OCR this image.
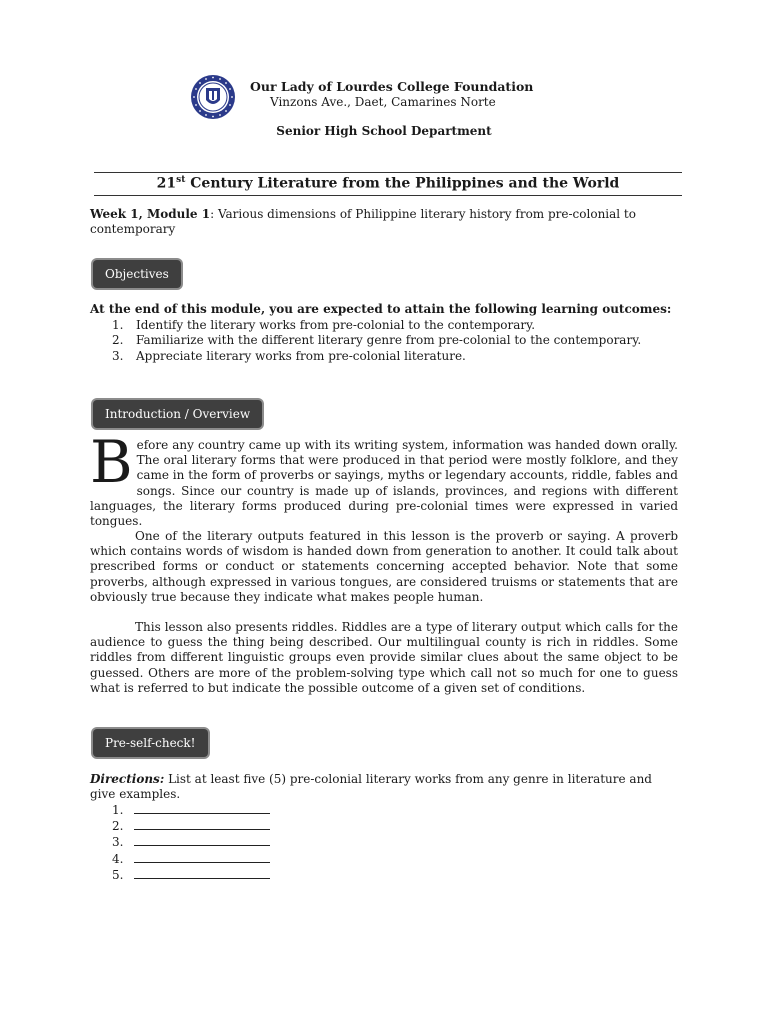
Our Lady of Lourdes College Foundation
Vinzons Ave., Daet, Camarines Norte
Senior High School Department
21st Century Literature from the Philippines and the World
Week 1, Module 1: Various dimensions of Philippine literary history from pre-colonial to contemporary
Objectives
At the end of this module, you are expected to attain the following learning outcomes:
1. Identify the literary works from pre-colonial to the contemporary.
2. Familiarize with the different literary genre from pre-colonial to the contemporary.
3. Appreciate literary works from pre-colonial literature.
Introduction / Overview
Before any country came up with its writing system, information was handed down orally. The oral literary forms that were produced in that period were mostly folklore, and they came in the form of proverbs or sayings, myths or legendary accounts, riddle, fables and songs. Since our country is made up of islands, provinces, and regions with different languages, the literary forms produced during pre-colonial times were expressed in varied tongues.
One of the literary outputs featured in this lesson is the proverb or saying. A proverb which contains words of wisdom is handed down from generation to another. It could talk about prescribed forms or conduct or statements concerning accepted behavior. Note that some proverbs, although expressed in various tongues, are considered truisms or statements that are obviously true because they indicate what makes people human.
This lesson also presents riddles. Riddles are a type of literary output which calls for the audience to guess the thing being described. Our multilingual county is rich in riddles. Some riddles from different linguistic groups even provide similar clues about the same object to be guessed. Others are more of the problem-solving type which call not so much for one to guess what is referred to but indicate the possible outcome of a given set of conditions.
Pre-self-check!
Directions: List at least five (5) pre-colonial literary works from any genre in literature and give examples.
1.
2.
3.
4.
5.
